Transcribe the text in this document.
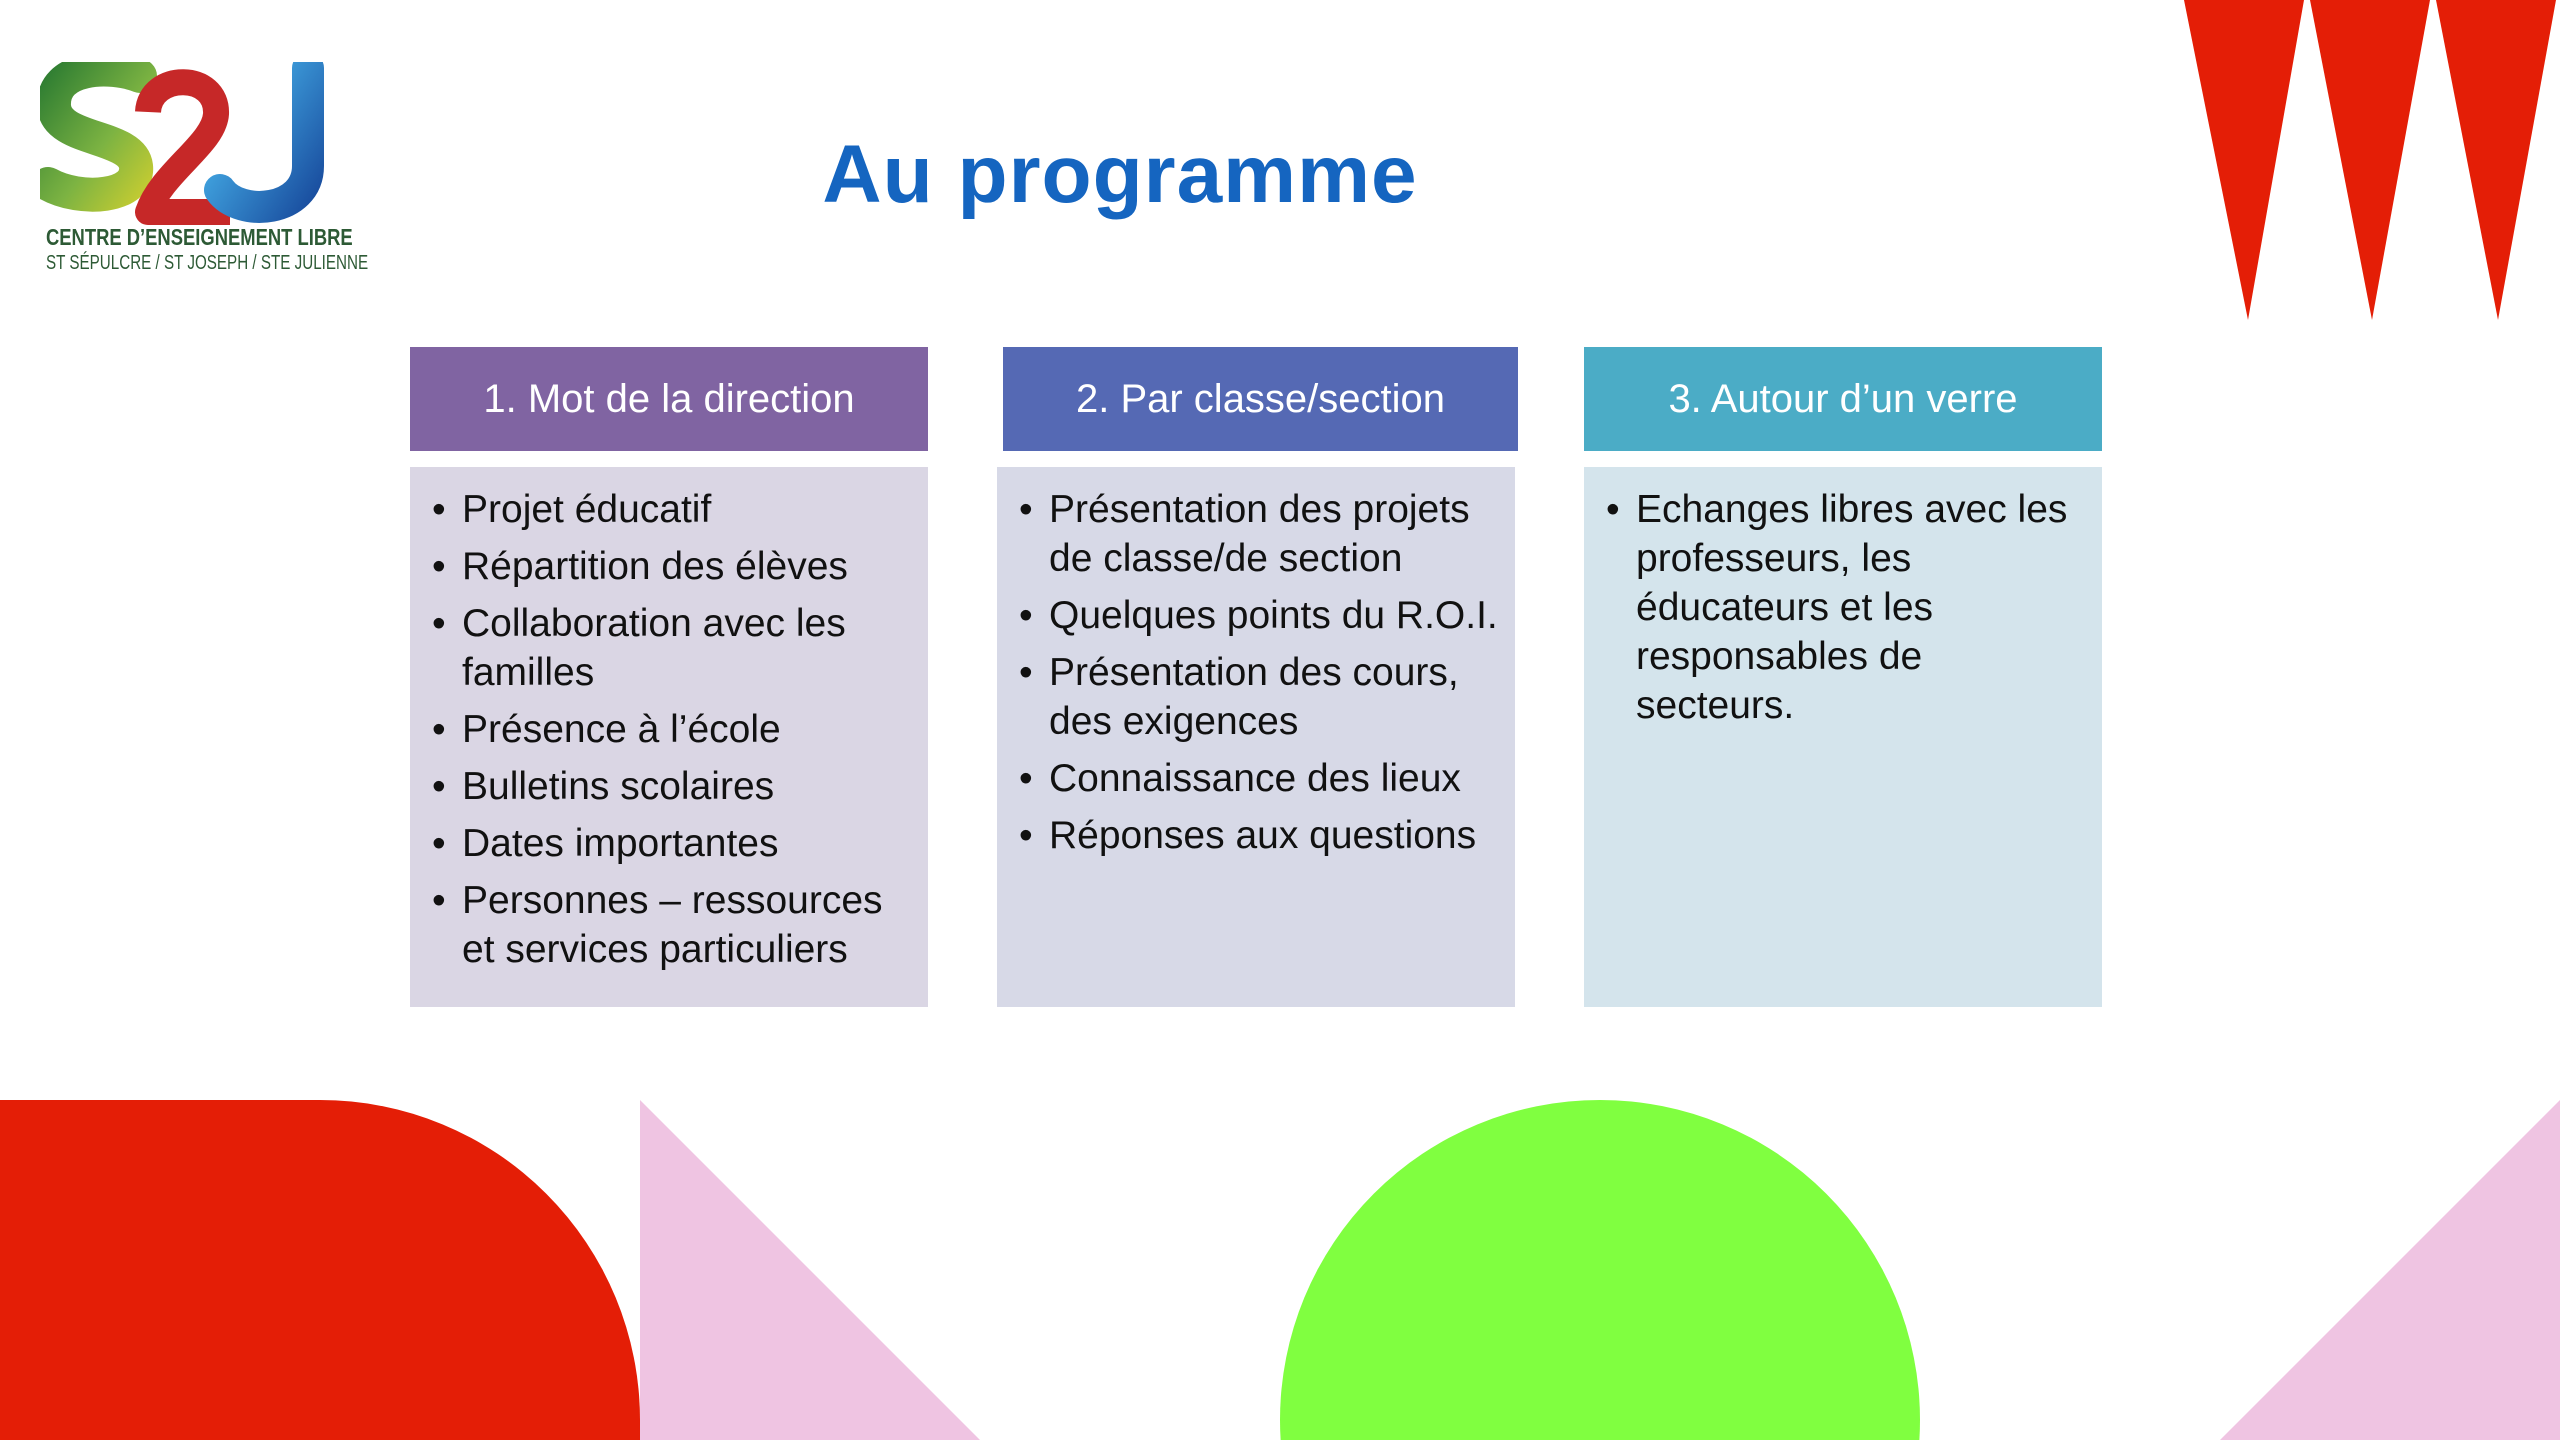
CENTRE D’ENSEIGNEMENT LIBRE
ST SÉPULCRE / ST JOSEPH / STE JULIENNE
Au programme
1. Mot de la direction
• Projet éducatif
• Répartition des élèves
• Collaboration avec les familles
• Présence à l’école
• Bulletins scolaires
• Dates importantes
• Personnes – ressources et services particuliers
2. Par classe/section
• Présentation des projets de classe/de section
• Quelques points du R.O.I.
• Présentation des cours, des exigences
• Connaissance des lieux
• Réponses aux questions
3. Autour d’un verre
• Echanges libres avec les professeurs, les éducateurs et les responsables de secteurs.
